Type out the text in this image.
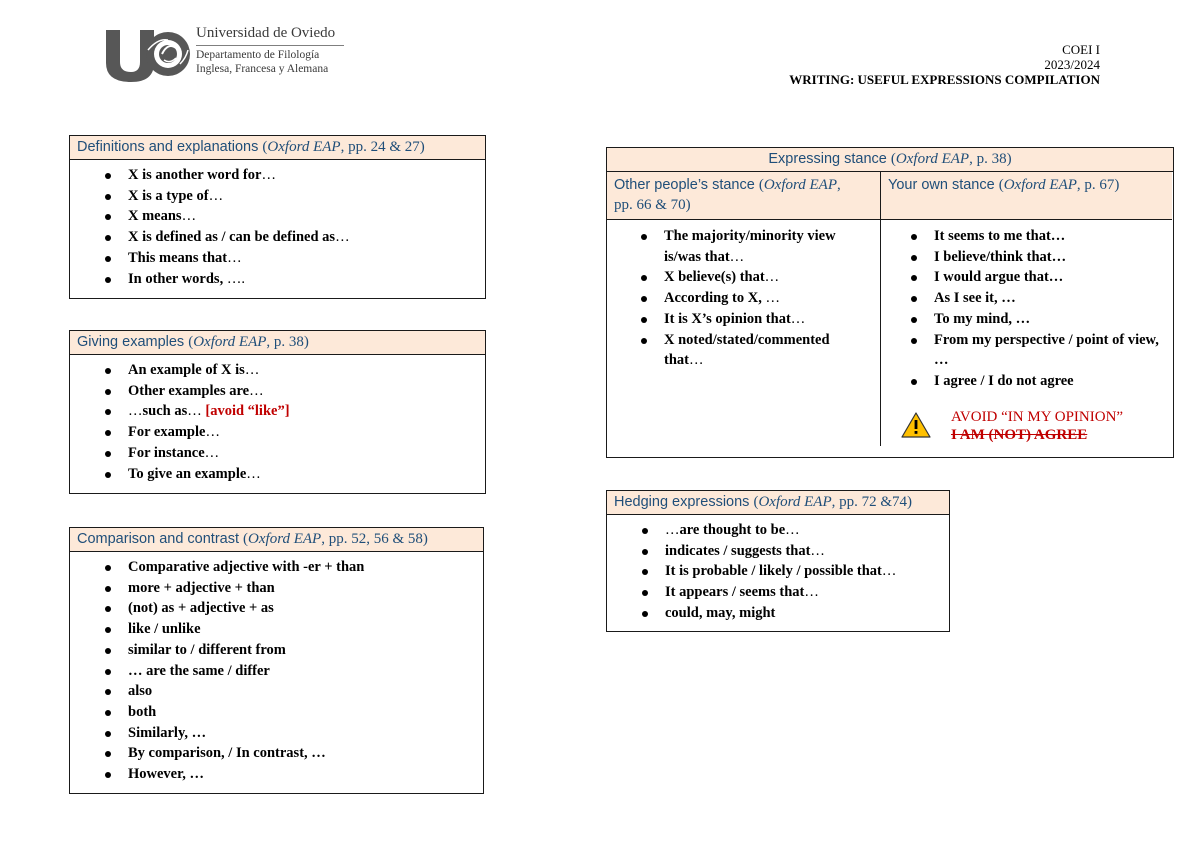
Universidad de Oviedo
Departamento de Filología
Inglesa, Francesa y Alemana
COEI I
2023/2024
WRITING: USEFUL EXPRESSIONS COMPILATION
Definitions and explanations (Oxford EAP, pp. 24 & 27)
X is another word for…
X is a type of…
X means…
X is defined as / can be defined as…
This means that…
In other words, ….
Giving examples (Oxford EAP, p. 38)
An example of X is…
Other examples are…
…such as… [avoid “like”]
For example…
For instance…
To give an example…
Comparison and contrast (Oxford EAP, pp. 52, 56 & 58)
Comparative adjective with -er + than
more + adjective + than
(not) as + adjective + as
like / unlike
similar to / different from
… are the same / differ
also
both
Similarly, …
By comparison, / In contrast, …
However, …
Expressing stance (Oxford EAP, p. 38)
Other people’s stance (Oxford EAP,
pp. 66 & 70)
The majority/minority view is/was that…
X believe(s) that…
According to X, …
It is X’s opinion that…
X noted/stated/commented that…
Your own stance (Oxford EAP, p. 67)
It seems to me that…
I believe/think that…
I would argue that…
As I see it, …
To my mind, …
From my perspective / point of view, …
I agree / I do not agree
AVOID “IN MY OPINION”
I AM (NOT) AGREE
Hedging expressions (Oxford EAP, pp. 72 &74)
…are thought to be…
indicates / suggests that…
It is probable / likely / possible that…
It appears / seems that…
could, may, might
